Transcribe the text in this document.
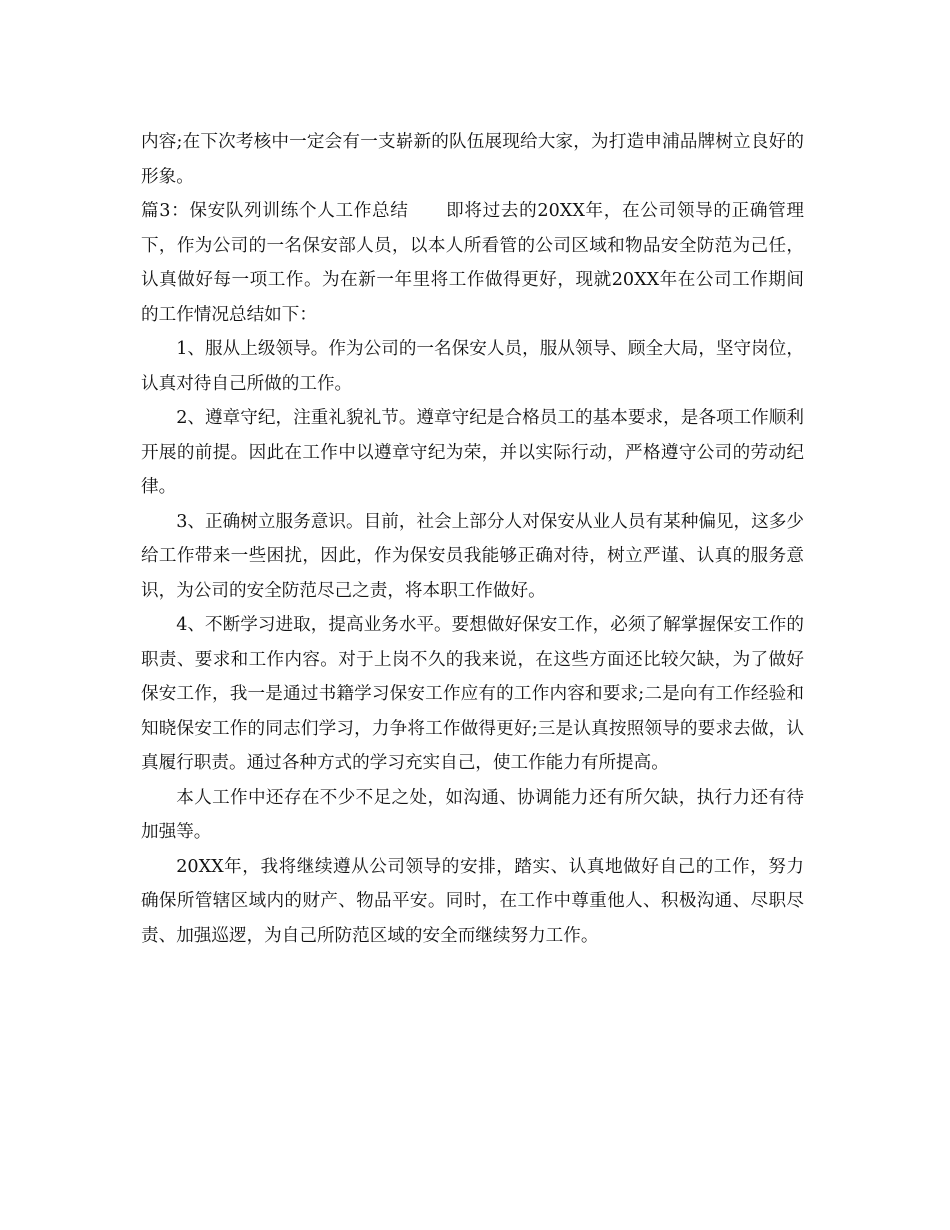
内容;在下次考核中一定会有一支崭新的队伍展现给大家，为打造申浦品牌树立良好的形象。

篇3：保安队列训练个人工作总结 即将过去的20XX年，在公司领导的正确管理下，作为公司的一名保安部人员，以本人所看管的公司区域和物品安全防范为己任，认真做好每一项工作。为在新一年里将工作做得更好，现就20XX年在公司工作期间的工作情况总结如下：

1、服从上级领导。作为公司的一名保安人员，服从领导、顾全大局，坚守岗位，认真对待自己所做的工作。

2、遵章守纪，注重礼貌礼节。遵章守纪是合格员工的基本要求，是各项工作顺利开展的前提。因此在工作中以遵章守纪为荣，并以实际行动，严格遵守公司的劳动纪律。

3、正确树立服务意识。目前，社会上部分人对保安从业人员有某种偏见，这多少给工作带来一些困扰，因此，作为保安员我能够正确对待，树立严谨、认真的服务意识，为公司的安全防范尽己之责，将本职工作做好。

4、不断学习进取，提高业务水平。要想做好保安工作，必须了解掌握保安工作的职责、要求和工作内容。对于上岗不久的我来说，在这些方面还比较欠缺，为了做好保安工作，我一是通过书籍学习保安工作应有的工作内容和要求;二是向有工作经验和知晓保安工作的同志们学习，力争将工作做得更好;三是认真按照领导的要求去做，认真履行职责。通过各种方式的学习充实自己，使工作能力有所提高。

本人工作中还存在不少不足之处，如沟通、协调能力还有所欠缺，执行力还有待加强等。

20XX年，我将继续遵从公司领导的安排，踏实、认真地做好自己的工作，努力确保所管辖区域内的财产、物品平安。同时，在工作中尊重他人、积极沟通、尽职尽责、加强巡逻，为自己所防范区域的安全而继续努力工作。
